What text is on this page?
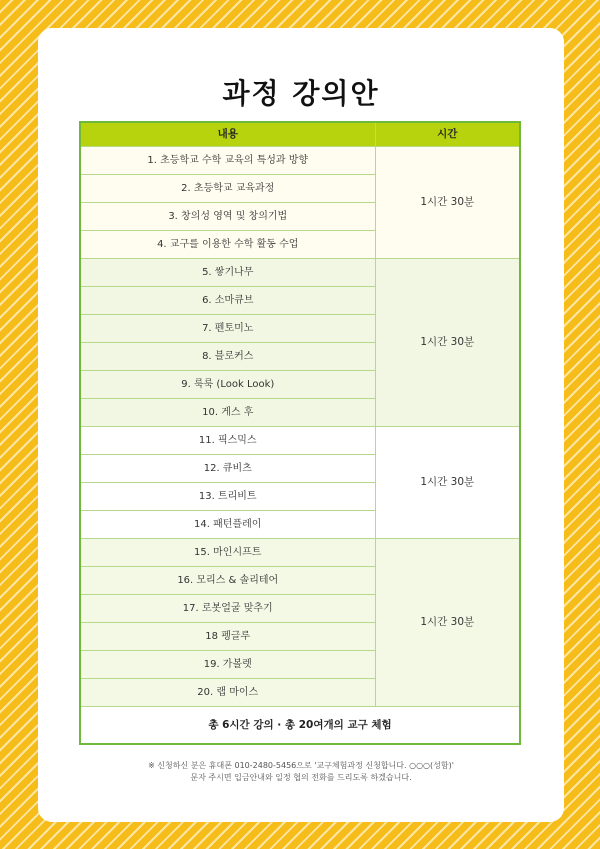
과정 강의안
내용	시간
1. 초등학교 수학 교육의 특성과 방향	1시간 30분
2. 초등학교 교육과정	
3. 창의성 영역 및 창의기법	
4. 교구를 이용한 수학 활동 수업	
5. 쌓기나무	1시간 30분
6. 소마큐브	
7. 펜토미노	
8. 블로커스	
9. 룩룩 (Look Look)	
10. 게스 후	
11. 픽스믹스	1시간 30분
12. 큐비츠	
13. 트리비트	
14. 패턴플레이	
15. 마인시프트	1시간 30분
16. 모리스 & 솔리테어	
17. 로봇얼굴 맞추기	
18 펭글루	
19. 가볼렛	
20. 랩 마이스	
총 6시간 강의 · 총 20여개의 교구 체험	
※ 신청하신 분은 휴대폰 010-2480-5456으로 '교구체험과정 신청합니다. ○○○(성함)'
문자 주시면 입금안내와 일정 협의 전화를 드리도록 하겠습니다.
